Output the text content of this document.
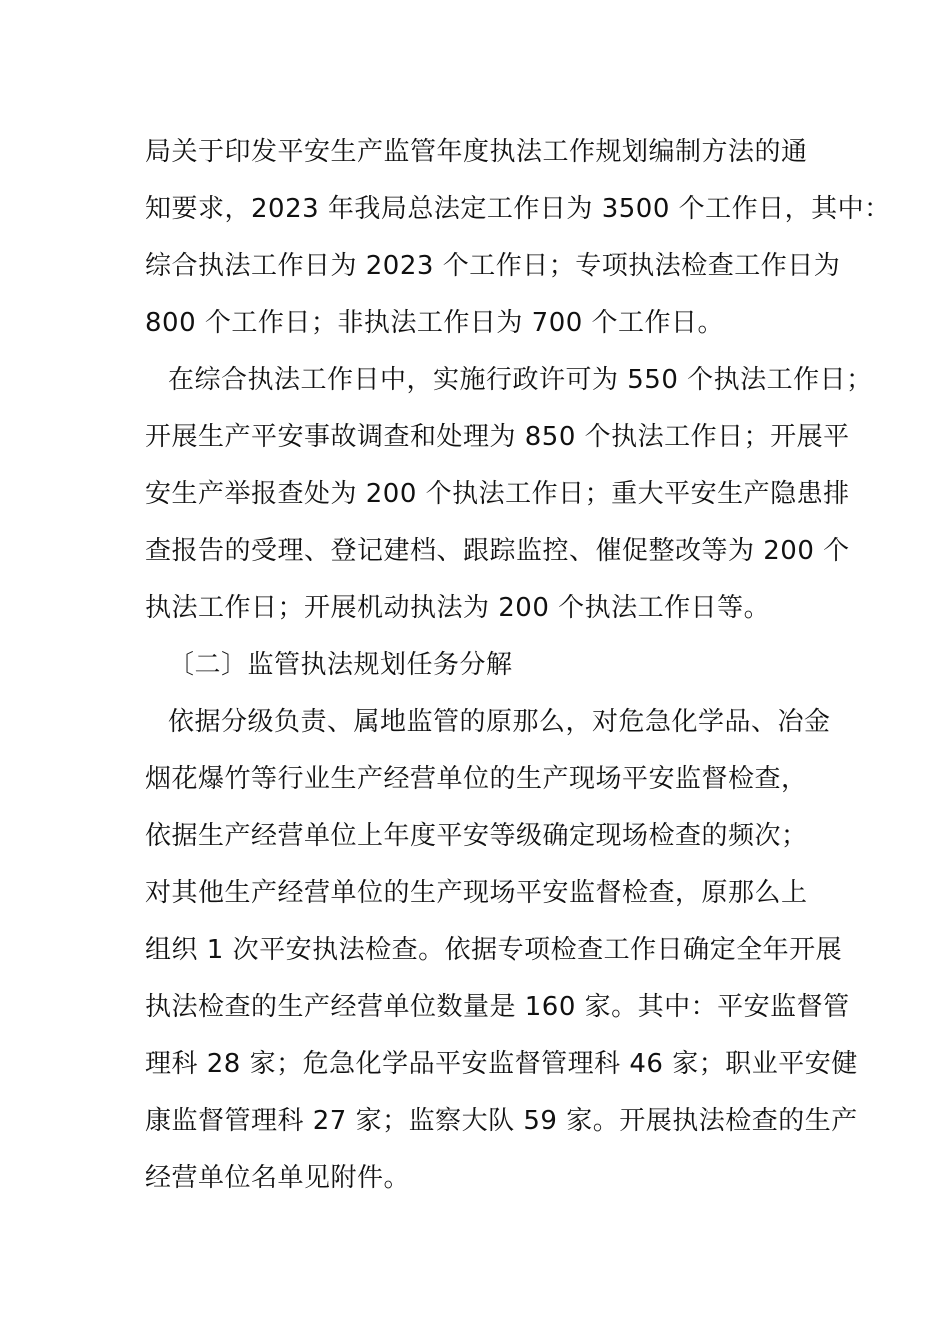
局关于印发平安生产监管年度执法工作规划编制方法的通
知要求，2023 年我局总法定工作日为 3500 个工作日，其中：
综合执法工作日为 2023 个工作日；专项执法检查工作日为
800 个工作日；非执法工作日为 700 个工作日。
在综合执法工作日中，实施行政许可为 550 个执法工作日；
开展生产平安事故调查和处理为 850 个执法工作日；开展平
安生产举报查处为 200 个执法工作日；重大平安生产隐患排
查报告的受理、登记建档、跟踪监控、催促整改等为 200 个
执法工作日；开展机动执法为 200 个执法工作日等。
〔二〕监管执法规划任务分解
依据分级负责、属地监管的原那么，对危急化学品、冶金
烟花爆竹等行业生产经营单位的生产现场平安监督检查，
依据生产经营单位上年度平安等级确定现场检查的频次；
对其他生产经营单位的生产现场平安监督检查，原那么上
组织 1 次平安执法检查。依据专项检查工作日确定全年开展
执法检查的生产经营单位数量是 160 家。其中：平安监督管
理科 28 家；危急化学品平安监督管理科 46 家；职业平安健
康监督管理科 27 家；监察大队 59 家。开展执法检查的生产
经营单位名单见附件。
